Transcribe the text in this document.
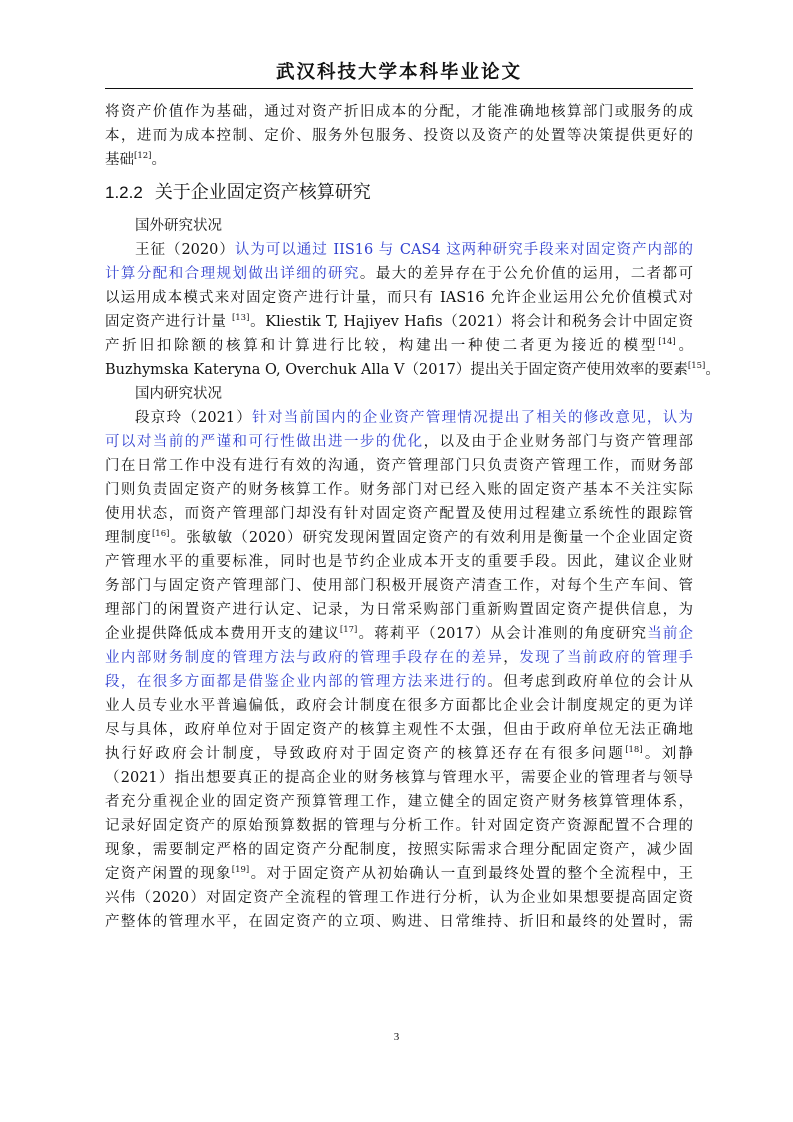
武汉科技大学本科毕业论文
将资产价值作为基础，通过对资产折旧成本的分配，才能准确地核算部门或服务的成
本，进而为成本控制、定价、服务外包服务、投资以及资产的处置等决策提供更好的
基础[12]。
1.2.2 关于企业固定资产核算研究
国外研究状况
王征（2020）认为可以通过 IIS16 与 CAS4 这两种研究手段来对固定资产内部的
计算分配和合理规划做出详细的研究。最大的差异存在于公允价值的运用，二者都可
以运用成本模式来对固定资产进行计量，而只有 IAS16 允许企业运用公允价值模式对
固定资产进行计量 [13]。Kliestik T, Hajiyev Hafis（2021）将会计和税务会计中固定资
产折旧扣除额的核算和计算进行比较，构建出一种使二者更为接近的模型[14]。
Buzhymska Kateryna O, Overchuk Alla V（2017）提出关于固定资产使用效率的要素[15]。
国内研究状况
段京玲（2021）针对当前国内的企业资产管理情况提出了相关的修改意见，认为
可以对当前的严谨和可行性做出进一步的优化，以及由于企业财务部门与资产管理部
门在日常工作中没有进行有效的沟通，资产管理部门只负责资产管理工作，而财务部
门则负责固定资产的财务核算工作。财务部门对已经入账的固定资产基本不关注实际
使用状态，而资产管理部门却没有针对固定资产配置及使用过程建立系统性的跟踪管
理制度[16]。张敏敏（2020）研究发现闲置固定资产的有效利用是衡量一个企业固定资
产管理水平的重要标准，同时也是节约企业成本开支的重要手段。因此，建议企业财
务部门与固定资产管理部门、使用部门积极开展资产清查工作，对每个生产车间、管
理部门的闲置资产进行认定、记录，为日常采购部门重新购置固定资产提供信息，为
企业提供降低成本费用开支的建议[17]。蒋莉平（2017）从会计准则的角度研究当前企
业内部财务制度的管理方法与政府的管理手段存在的差异，发现了当前政府的管理手
段，在很多方面都是借鉴企业内部的管理方法来进行的。但考虑到政府单位的会计从
业人员专业水平普遍偏低，政府会计制度在很多方面都比企业会计制度规定的更为详
尽与具体，政府单位对于固定资产的核算主观性不太强，但由于政府单位无法正确地
执行好政府会计制度，导致政府对于固定资产的核算还存在有很多问题[18]。刘静
（2021）指出想要真正的提高企业的财务核算与管理水平，需要企业的管理者与领导
者充分重视企业的固定资产预算管理工作，建立健全的固定资产财务核算管理体系，
记录好固定资产的原始预算数据的管理与分析工作。针对固定资产资源配置不合理的
现象，需要制定严格的固定资产分配制度，按照实际需求合理分配固定资产，减少固
定资产闲置的现象[19]。对于固定资产从初始确认一直到最终处置的整个全流程中，王
兴伟（2020）对固定资产全流程的管理工作进行分析，认为企业如果想要提高固定资
产整体的管理水平，在固定资产的立项、购进、日常维持、折旧和最终的处置时，需
3
